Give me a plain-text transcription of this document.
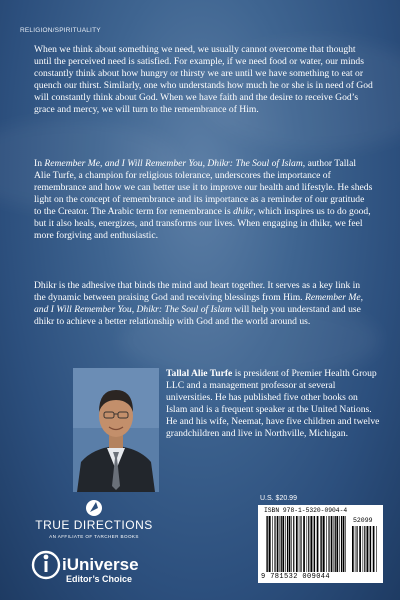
RELIGION/SPIRITUALITY

When we think about something we need, we usually cannot overcome that thought until the perceived need is satisfied. For example, if we need food or water, our minds constantly think about how hungry or thirsty we are until we have something to eat or quench our thirst. Similarly, one who understands how much he or she is in need of God will constantly think about God. When we have faith and the desire to receive God’s grace and mercy, we will turn to the remembrance of Him.

In Remember Me, and I Will Remember You, Dhikr: The Soul of Islam, author Tallal Alie Turfe, a champion for religious tolerance, underscores the importance of remembrance and how we can better use it to improve our health and lifestyle. He sheds light on the concept of remembrance and its importance as a reminder of our gratitude to the Creator. The Arabic term for remembrance is dhikr, which inspires us to do good, but it also heals, energizes, and transforms our lives. When engaging in dhikr, we feel more forgiving and enthusiastic.

Dhikr is the adhesive that binds the mind and heart together. It serves as a key link in the dynamic between praising God and receiving blessings from Him. Remember Me, and I Will Remember You, Dhikr: The Soul of Islam will help you understand and use dhikr to achieve a better relationship with God and the world around us.

Tallal Alie Turfe is president of Premier Health Group LLC and a management professor at several universities. He has published five other books on Islam and is a frequent speaker at the United Nations. He and his wife, Neemat, have five children and twelve grandchildren and live in Northville, Michigan.

TRUE DIRECTIONS
AN AFFILIATE OF TARCHER BOOKS
iUniverse
Editor’s Choice
U.S. $20.99
ISBN 978-1-5320-0904-4
52099
9 781532 009044
